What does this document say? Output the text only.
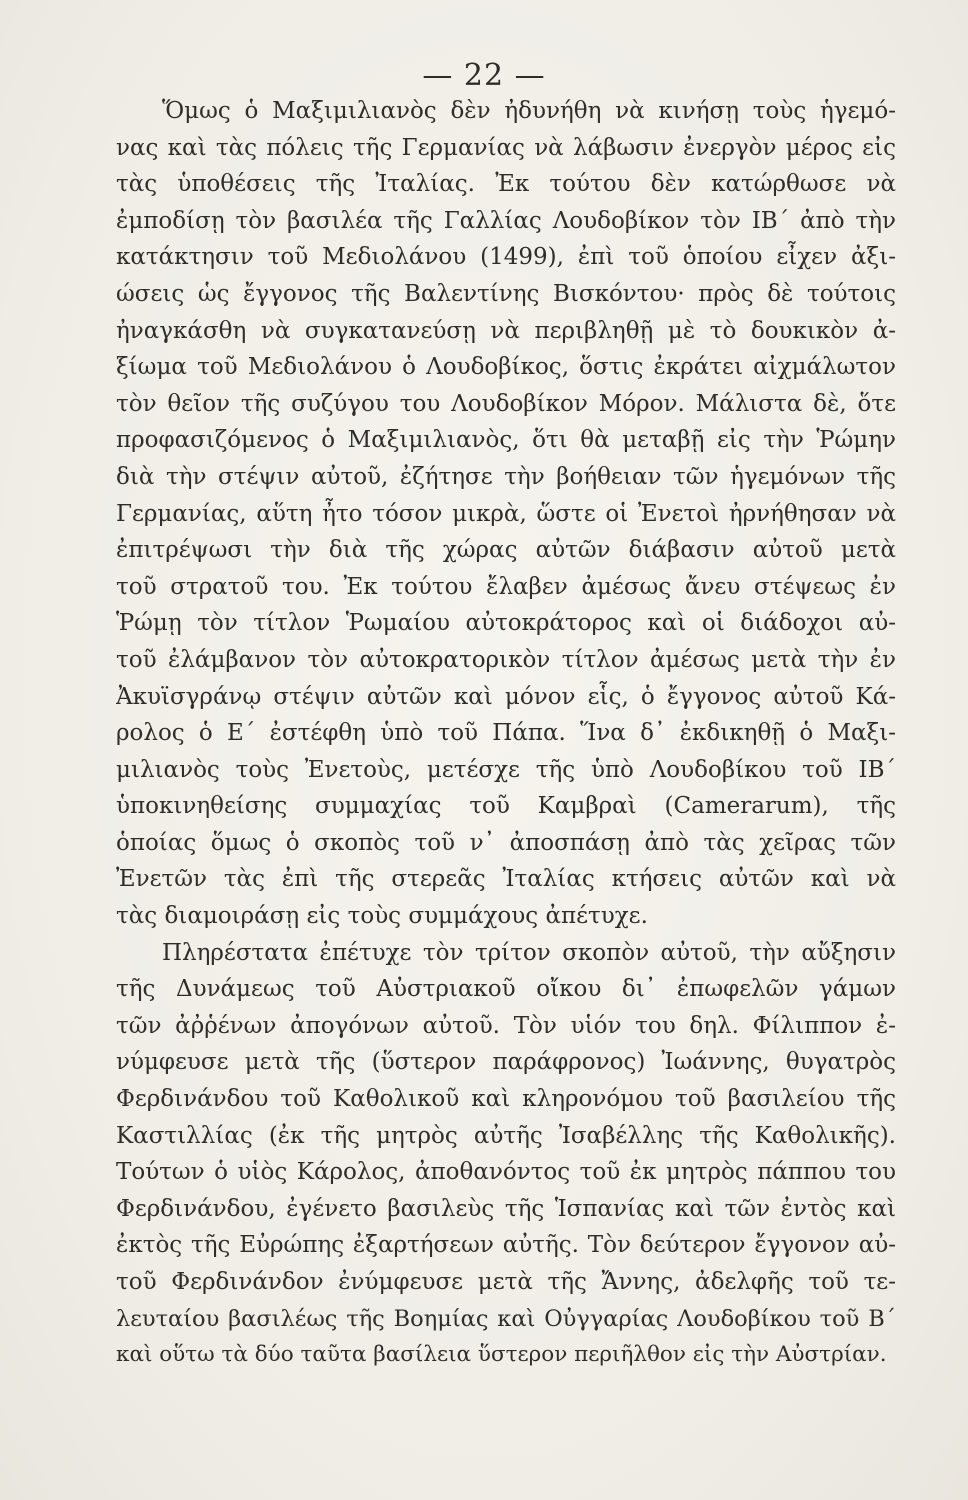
— 22 —
Ὅμως ὁ Μαξιμιλιανὸς δὲν ἠδυνήθη νὰ κινήσῃ τοὺς ἡγεμό-
νας καὶ τὰς πόλεις τῆς Γερμανίας νὰ λάβωσιν ἐνεργὸν μέρος εἰς
τὰς ὑποθέσεις τῆς Ἰταλίας. Ἐκ τούτου δὲν κατώρθωσε νὰ
ἐμποδίσῃ τὸν βασιλέα τῆς Γαλλίας Λουδοβίκον τὸν ΙΒ΄ ἀπὸ τὴν
κατάκτησιν τοῦ Μεδιολάνου (1499), ἐπὶ τοῦ ὁποίου εἶχεν ἀξι-
ώσεις ὡς ἔγγονος τῆς Βαλεντίνης Βισκόντου· πρὸς δὲ τούτοις
ἠναγκάσθη νὰ συγκατανεύσῃ νὰ περιβληθῇ μὲ τὸ δουκικὸν ἀ-
ξίωμα τοῦ Μεδιολάνου ὁ Λουδοβίκος, ὅστις ἐκράτει αἰχμάλωτον
τὸν θεῖον τῆς συζύγου του Λουδοβίκον Μόρον. Μάλιστα δὲ, ὅτε
προφασιζόμενος ὁ Μαξιμιλιανὸς, ὅτι θὰ μεταβῇ εἰς τὴν Ῥώμην
διὰ τὴν στέψιν αὐτοῦ, ἐζήτησε τὴν βοήθειαν τῶν ἡγεμόνων τῆς
Γερμανίας, αὕτη ἦτο τόσον μικρὰ, ὥστε οἱ Ἐνετοὶ ἠρνήθησαν νὰ
ἐπιτρέψωσι τὴν διὰ τῆς χώρας αὐτῶν διάβασιν αὐτοῦ μετὰ
τοῦ στρατοῦ του. Ἐκ τούτου ἔλαβεν ἀμέσως ἄνευ στέψεως ἐν
Ῥώμῃ τὸν τίτλον Ῥωμαίου αὐτοκράτορος καὶ οἱ διάδοχοι αὐ-
τοῦ ἐλάμβανον τὸν αὐτοκρατορικὸν τίτλον ἀμέσως μετὰ τὴν ἐν
Ἀκυϊσγράνῳ στέψιν αὐτῶν καὶ μόνον εἷς, ὁ ἔγγονος αὐτοῦ Κά-
ρολος ὁ Ε΄ ἐστέφθη ὑπὸ τοῦ Πάπα. Ἵνα δ᾽ ἐκδικηθῇ ὁ Μαξι-
μιλιανὸς τοὺς Ἐνετοὺς, μετέσχε τῆς ὑπὸ Λουδοβίκου τοῦ ΙΒ΄
ὑποκινηθείσης συμμαχίας τοῦ Καμβραὶ (Camerarum), τῆς
ὁποίας ὅμως ὁ σκοπὸς τοῦ ν᾽ ἀποσπάσῃ ἀπὸ τὰς χεῖρας τῶν
Ἐνετῶν τὰς ἐπὶ τῆς στερεᾶς Ἰταλίας κτήσεις αὐτῶν καὶ νὰ
τὰς διαμοιράσῃ εἰς τοὺς συμμάχους ἀπέτυχε.
Πληρέστατα ἐπέτυχε τὸν τρίτον σκοπὸν αὐτοῦ, τὴν αὔξησιν
τῆς Δυνάμεως τοῦ Αὐστριακοῦ οἴκου δι᾽ ἐπωφελῶν γάμων
τῶν ἀῤῥένων ἀπογόνων αὐτοῦ. Τὸν υἱόν του δηλ. Φίλιππον ἐ-
νύμφευσε μετὰ τῆς (ὕστερον παράφρονος) Ἰωάννης, θυγατρὸς
Φερδινάνδου τοῦ Καθολικοῦ καὶ κληρονόμου τοῦ βασιλείου τῆς
Καστιλλίας (ἐκ τῆς μητρὸς αὐτῆς Ἰσαβέλλης τῆς Καθολικῆς).
Τούτων ὁ υἱὸς Κάρολος, ἀποθανόντος τοῦ ἐκ μητρὸς πάππου του
Φερδινάνδου, ἐγένετο βασιλεὺς τῆς Ἱσπανίας καὶ τῶν ἐντὸς καὶ
ἐκτὸς τῆς Εὐρώπης ἐξαρτήσεων αὐτῆς. Τὸν δεύτερον ἔγγονον αὐ-
τοῦ Φερδινάνδον ἐνύμφευσε μετὰ τῆς Ἄννης, ἀδελφῆς τοῦ τε-
λευταίου βασιλέως τῆς Βοημίας καὶ Οὐγγαρίας Λουδοβίκου τοῦ Β΄
καὶ οὕτω τὰ δύο ταῦτα βασίλεια ὕστερον περιῆλθον εἰς τὴν Αὐστρίαν.
